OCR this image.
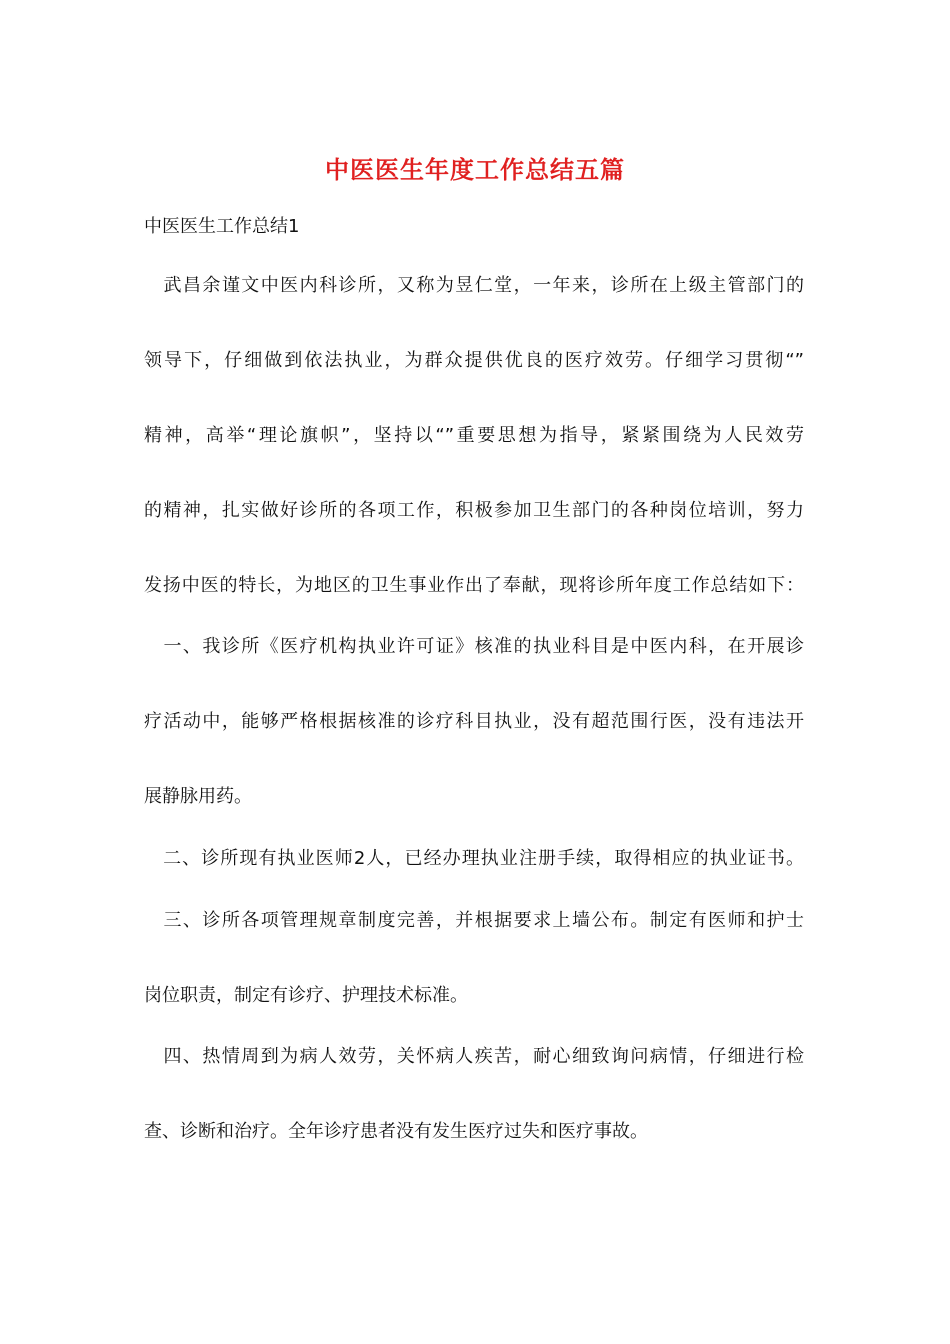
中医医生年度工作总结五篇
中医医生工作总结1
　武昌余谨文中医内科诊所，又称为昱仁堂，一年来，诊所在上级主管部门的
领导下，仔细做到依法执业，为群众提供优良的医疗效劳。仔细学习贯彻“”
精神，高举“理论旗帜”，坚持以“”重要思想为指导，紧紧围绕为人民效劳
的精神，扎实做好诊所的各项工作，积极参加卫生部门的各种岗位培训，努力
发扬中医的特长，为地区的卫生事业作出了奉献，现将诊所年度工作总结如下：
　一、我诊所《医疗机构执业许可证》核准的执业科目是中医内科，在开展诊
疗活动中，能够严格根据核准的诊疗科目执业，没有超范围行医，没有违法开
展静脉用药。
　二、诊所现有执业医师2人，已经办理执业注册手续，取得相应的执业证书。
　三、诊所各项管理规章制度完善，并根据要求上墙公布。制定有医师和护士
岗位职责，制定有诊疗、护理技术标准。
　四、热情周到为病人效劳，关怀病人疾苦，耐心细致询问病情，仔细进行检
查、诊断和治疗。全年诊疗患者没有发生医疗过失和医疗事故。
